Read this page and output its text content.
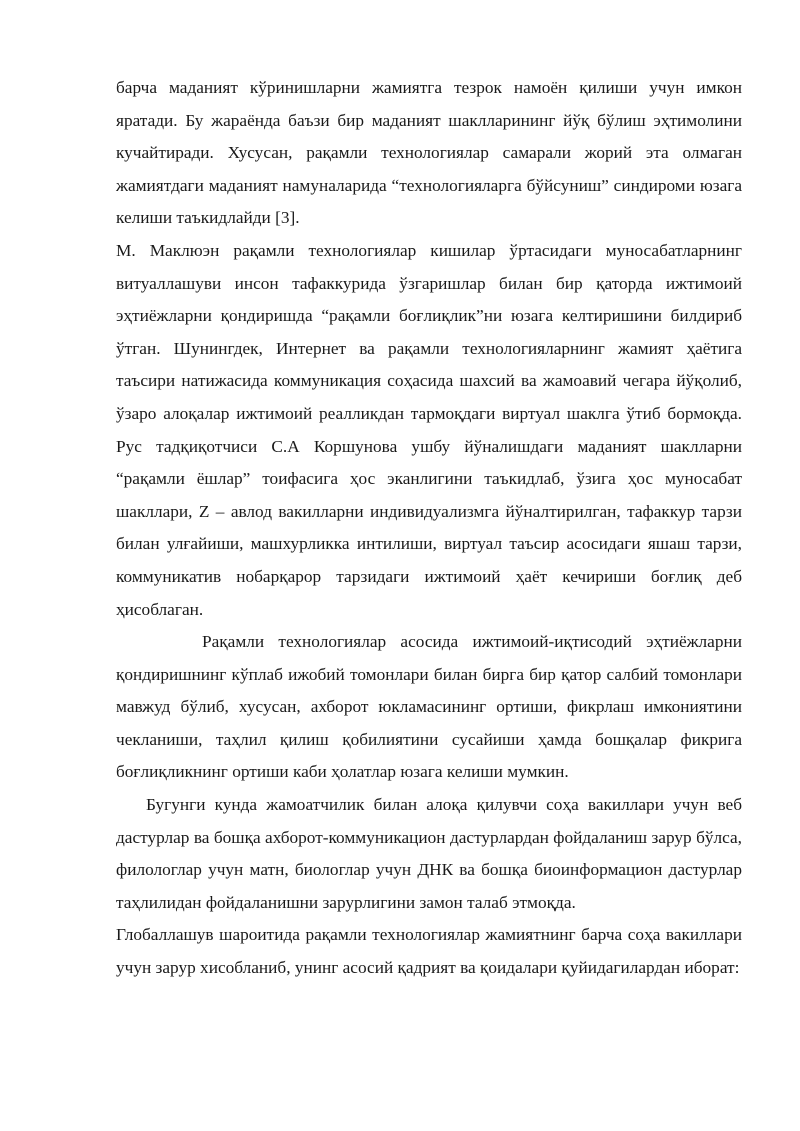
барча маданият кўринишларни жамиятга тезрок намоён қилиши учун имкон яратади. Бу жараёнда баъзи бир маданият шаклларининг йўқ бўлиш эҳтимолини кучайтиради. Хусусан, рақамли технологиялар самарали жорий эта олмаган жамиятдаги маданият намуналарида “технологияларга бўйсуниш” синдироми юзага келиши таъкидлайди [3].

М. Маклюэн рақамли технологиялар кишилар ўртасидаги муносабатларнинг витуаллашуви инсон тафаккурида ўзгаришлар билан бир қаторда ижтимоий эҳтиёжларни қондиришда “рақамли боғлиқлик”ни юзага келтиришини билдириб ўтган. Шунингдек, Интернет ва рақамли технологияларнинг жамият ҳаётига таъсири натижасида коммуникация соҳасида шахсий ва жамоавий чегара йўқолиб, ўзаро алоқалар ижтимоий реалликдан тармоқдаги виртуал шаклга ўтиб бормоқда. Рус тадқиқотчиси С.А Коршунова ушбу йўналишдаги маданият шаклларни “рақамли ёшлар” тоифасига ҳос эканлигини таъкидлаб, ўзига ҳос муносабат шакллари, Z – авлод вакилларни индивидуализмга йўналтирилган, тафаккур тарзи билан улғайиши, машхурликка интилиши, виртуал таъсир асосидаги яшаш тарзи, коммуникатив нобарқарор тарзидаги ижтимоий ҳаёт кечириши боғлиқ деб ҳисоблаган.

Рақамли технологиялар асосида ижтимоий-иқтисодий эҳтиёжларни қондиришнинг кўплаб ижобий томонлари билан бирга бир қатор салбий томонлари мавжуд бўлиб, хусусан, ахборот юкламасининг ортиши, фикрлаш имкониятини чекланиши, таҳлил қилиш қобилиятини сусайиши ҳамда бошқалар фикрига боғлиқликнинг ортиши каби ҳолатлар юзага келиши мумкин.

Бугунги кунда жамоатчилик билан алоқа қилувчи соҳа вакиллари учун веб дастурлар ва бошқа ахборот-коммуникацион дастурлардан фойдаланиш зарур бўлса, филологлар учун матн, биологлар учун ДНК ва бошқа биоинформацион дастурлар таҳлилидан фойдаланишни зарурлигини замон талаб этмоқда.

Глобаллашув шароитида рақамли технологиялар жамиятнинг барча соҳа вакиллари учун зарур хисобланиб, унинг асосий қадрият ва қоидалари қуйидагилардан иборат:
